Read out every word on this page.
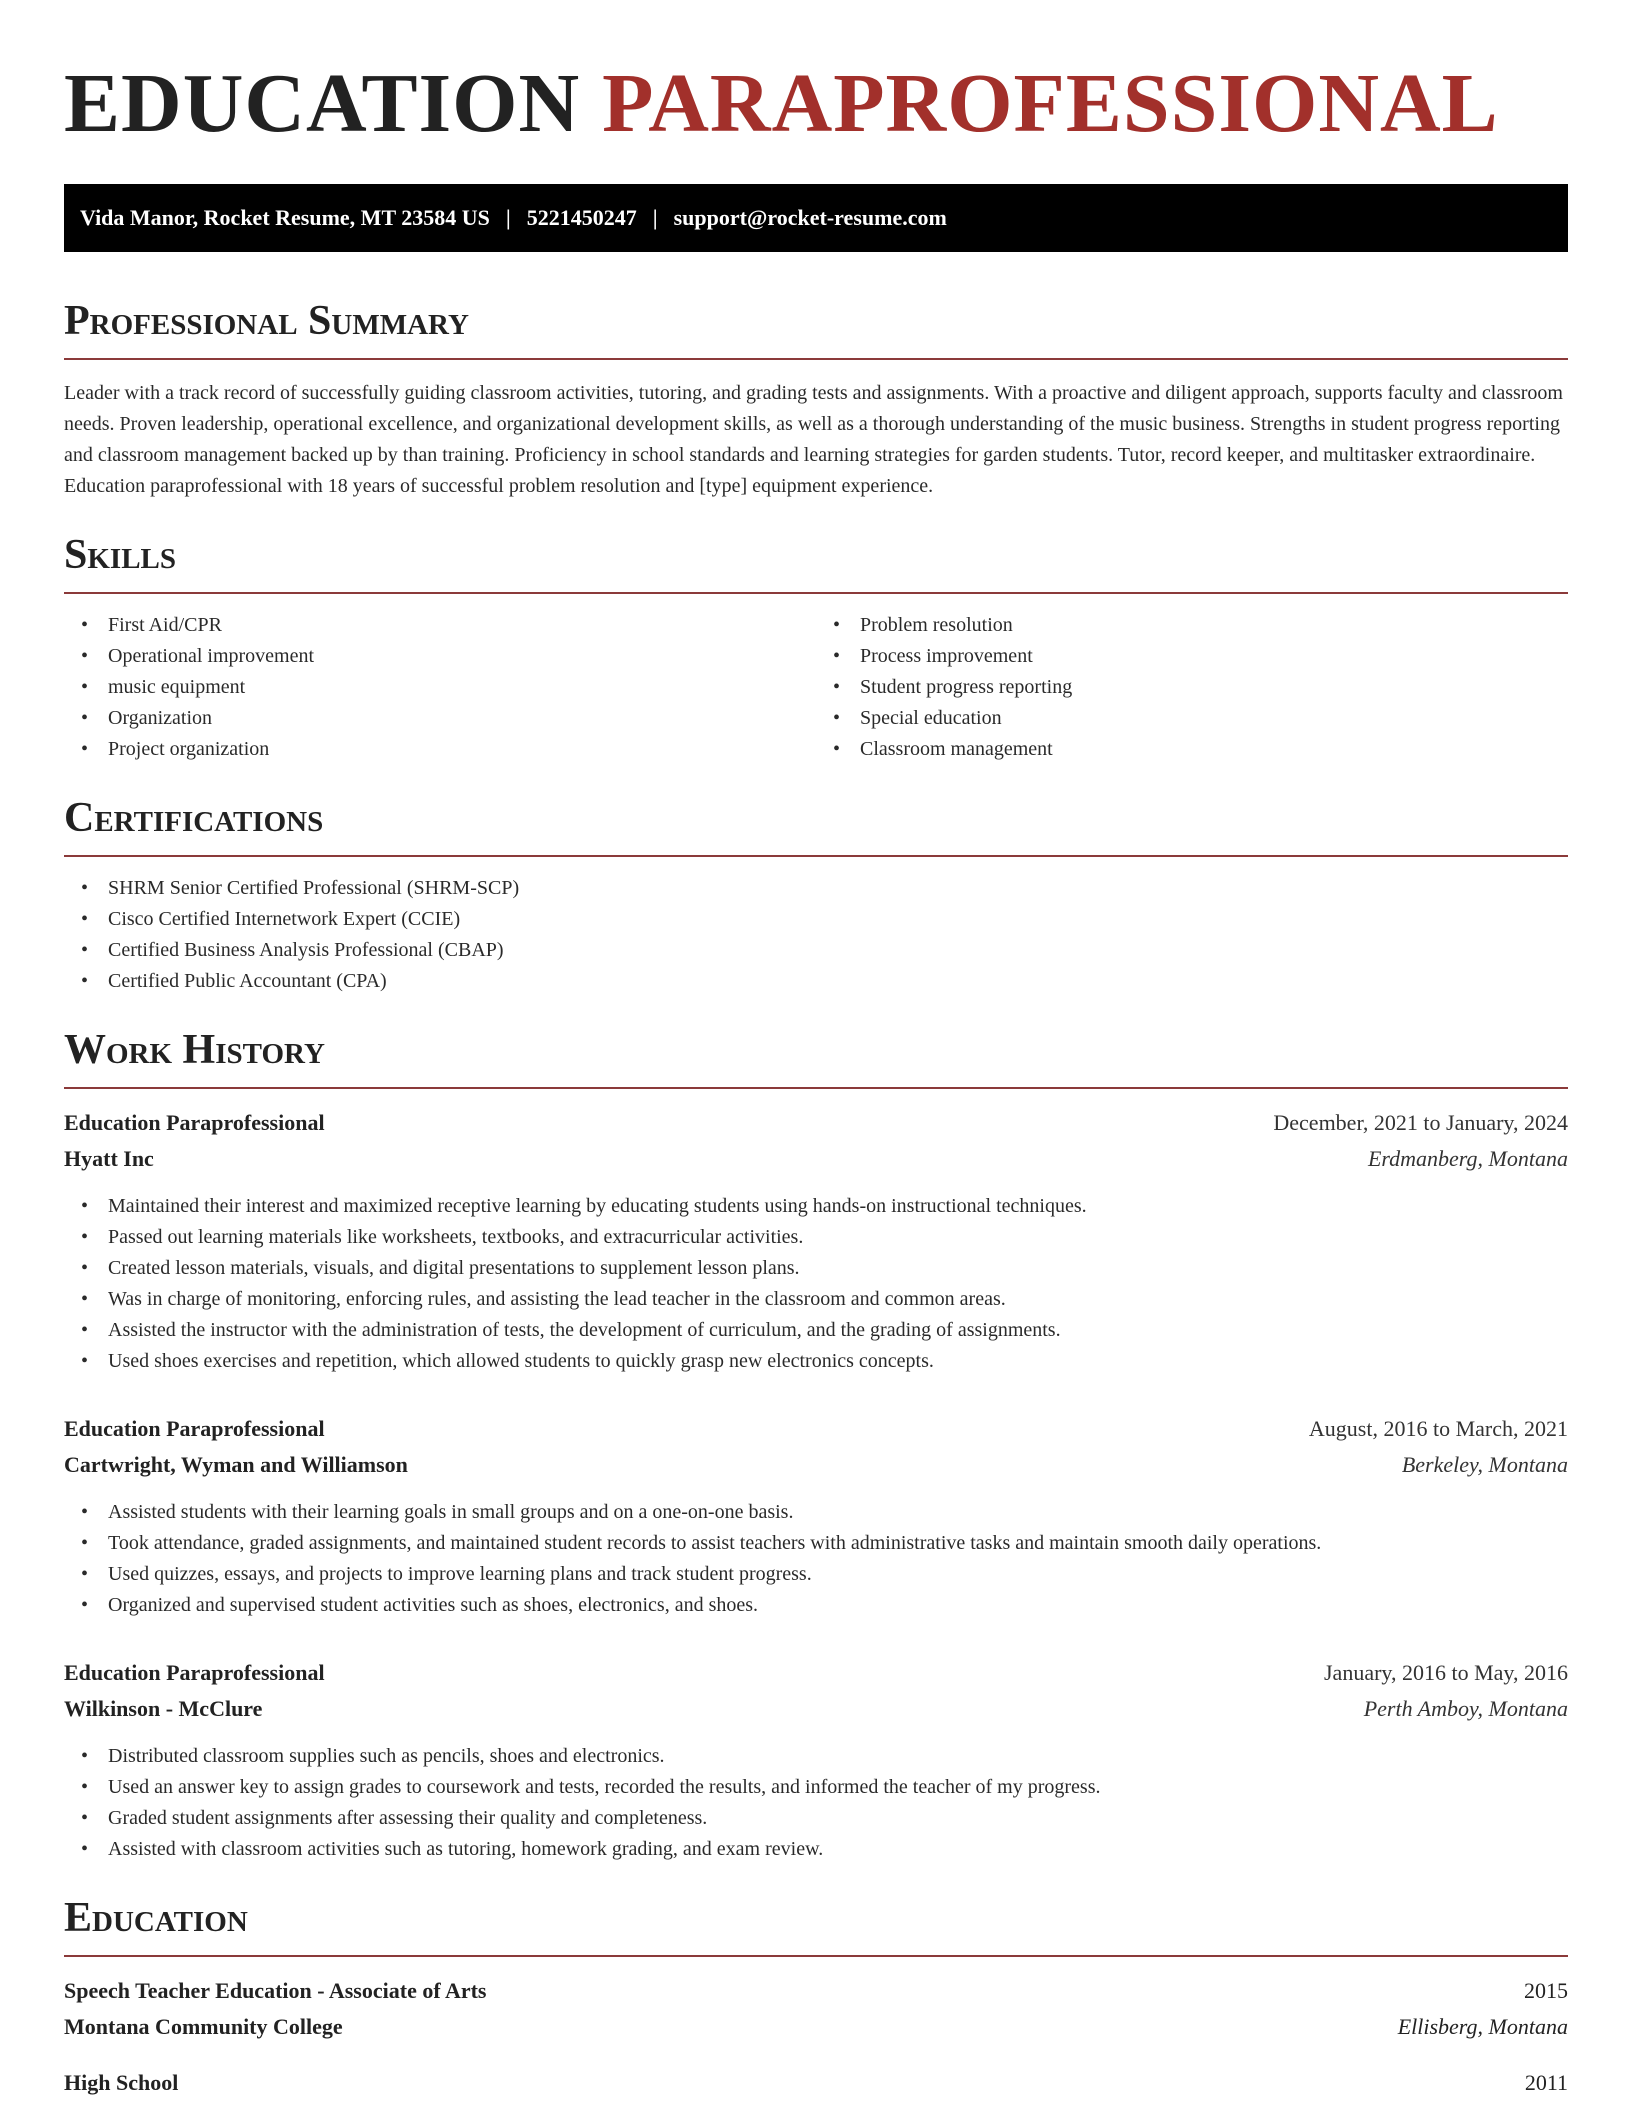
EDUCATION PARAPROFESSIONAL
Vida Manor, Rocket Resume, MT 23584 US | 5221450247 | support@rocket-resume.com
Professional Summary

Leader with a track record of successfully guiding classroom activities, tutoring, and grading tests and assignments. With a proactive and diligent approach, supports faculty and classroom needs. Proven leadership, operational excellence, and organizational development skills, as well as a thorough understanding of the music business. Strengths in student progress reporting and classroom management backed up by than training. Proficiency in school standards and learning strategies for garden students. Tutor, record keeper, and multitasker extraordinaire. Education paraprofessional with 18 years of successful problem resolution and [type] equipment experience.

Skills
• First Aid/CPR
• Operational improvement
• music equipment
• Organization
• Project organization
• Problem resolution
• Process improvement
• Student progress reporting
• Special education
• Classroom management
Certifications
• SHRM Senior Certified Professional (SHRM-SCP)
• Cisco Certified Internetwork Expert (CCIE)
• Certified Business Analysis Professional (CBAP)
• Certified Public Accountant (CPA)
Work History
Education Paraprofessional	December, 2021 to January, 2024
Hyatt Inc	Erdmanberg, Montana
• Maintained their interest and maximized receptive learning by educating students using hands-on instructional techniques.
• Passed out learning materials like worksheets, textbooks, and extracurricular activities.
• Created lesson materials, visuals, and digital presentations to supplement lesson plans.
• Was in charge of monitoring, enforcing rules, and assisting the lead teacher in the classroom and common areas.
• Assisted the instructor with the administration of tests, the development of curriculum, and the grading of assignments.
• Used shoes exercises and repetition, which allowed students to quickly grasp new electronics concepts.
Education Paraprofessional	August, 2016 to March, 2021
Cartwright, Wyman and Williamson	Berkeley, Montana
• Assisted students with their learning goals in small groups and on a one-on-one basis.
• Took attendance, graded assignments, and maintained student records to assist teachers with administrative tasks and maintain smooth daily operations.
• Used quizzes, essays, and projects to improve learning plans and track student progress.
• Organized and supervised student activities such as shoes, electronics, and shoes.
Education Paraprofessional	January, 2016 to May, 2016
Wilkinson - McClure	Perth Amboy, Montana
• Distributed classroom supplies such as pencils, shoes and electronics.
• Used an answer key to assign grades to coursework and tests, recorded the results, and informed the teacher of my progress.
• Graded student assignments after assessing their quality and completeness.
• Assisted with classroom activities such as tutoring, homework grading, and exam review.
Education
Speech Teacher Education - Associate of Arts	2015
Montana Community College	Ellisberg, Montana
High School	2011
